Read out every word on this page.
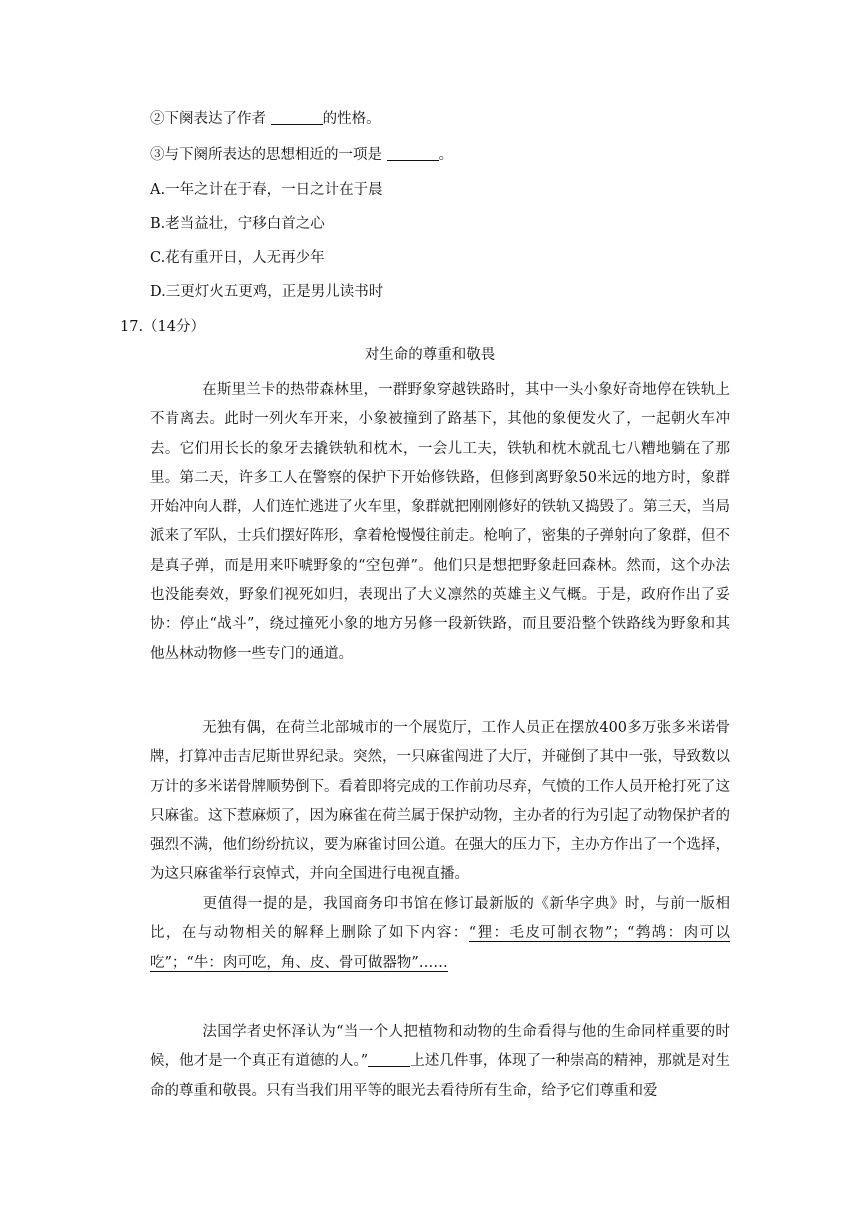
②下阕表达了作者	的性格。
③与下阕所表达的思想相近的一项是	。
A.一年之计在于春，一日之计在于晨
B.老当益壮，宁移白首之心
C.花有重开日，人无再少年
D.三更灯火五更鸡，正是男儿读书时
17.（14分）
对生命的尊重和敬畏
在斯里兰卡的热带森林里，一群野象穿越铁路时，其中一头小象好奇地停在铁轨上不肯离去。此时一列火车开来，小象被撞到了路基下，其他的象便发火了，一起朝火车冲去。它们用长长的象牙去撬铁轨和枕木，一会儿工夫，铁轨和枕木就乱七八糟地躺在了那里。第二天，许多工人在警察的保护下开始修铁路，但修到离野象50米远的地方时，象群开始冲向人群，人们连忙逃进了火车里，象群就把刚刚修好的铁轨又捣毁了。第三天，当局派来了军队，士兵们摆好阵形，拿着枪慢慢往前走。枪响了，密集的子弹射向了象群，但不是真子弹，而是用来吓唬野象的“空包弹”。他们只是想把野象赶回森林。然而，这个办法也没能奏效，野象们视死如归，表现出了大义凛然的英雄主义气概。于是，政府作出了妥协：停止“战斗”，绕过撞死小象的地方另修一段新铁路，而且要沿整个铁路线为野象和其他丛林动物修一些专门的通道。
无独有偶，在荷兰北部城市的一个展览厅，工作人员正在摆放400多万张多米诺骨牌，打算冲击吉尼斯世界纪录。突然，一只麻雀闯进了大厅，并碰倒了其中一张，导致数以万计的多米诺骨牌顺势倒下。看着即将完成的工作前功尽弃，气愤的工作人员开枪打死了这只麻雀。这下惹麻烦了，因为麻雀在荷兰属于保护动物，主办者的行为引起了动物保护者的强烈不满，他们纷纷抗议，要为麻雀讨回公道。在强大的压力下，主办方作出了一个选择，为这只麻雀举行哀悼式，并向全国进行电视直播。
更值得一提的是，我国商务印书馆在修订最新版的《新华字典》时，与前一版相比，在与动物相关的解释上删除了如下内容：“狸：毛皮可制衣物”；“鹁鸪：肉可以吃”；“牛：肉可吃，角、皮、骨可做器物”……
法国学者史怀泽认为“当一个人把植物和动物的生命看得与他的生命同样重要的时候，他才是一个真正有道德的人。”	上述几件事，体现了一种崇高的精神，那就是对生命的尊重和敬畏。只有当我们用平等的眼光去看待所有生命，给予它们尊重和爱
